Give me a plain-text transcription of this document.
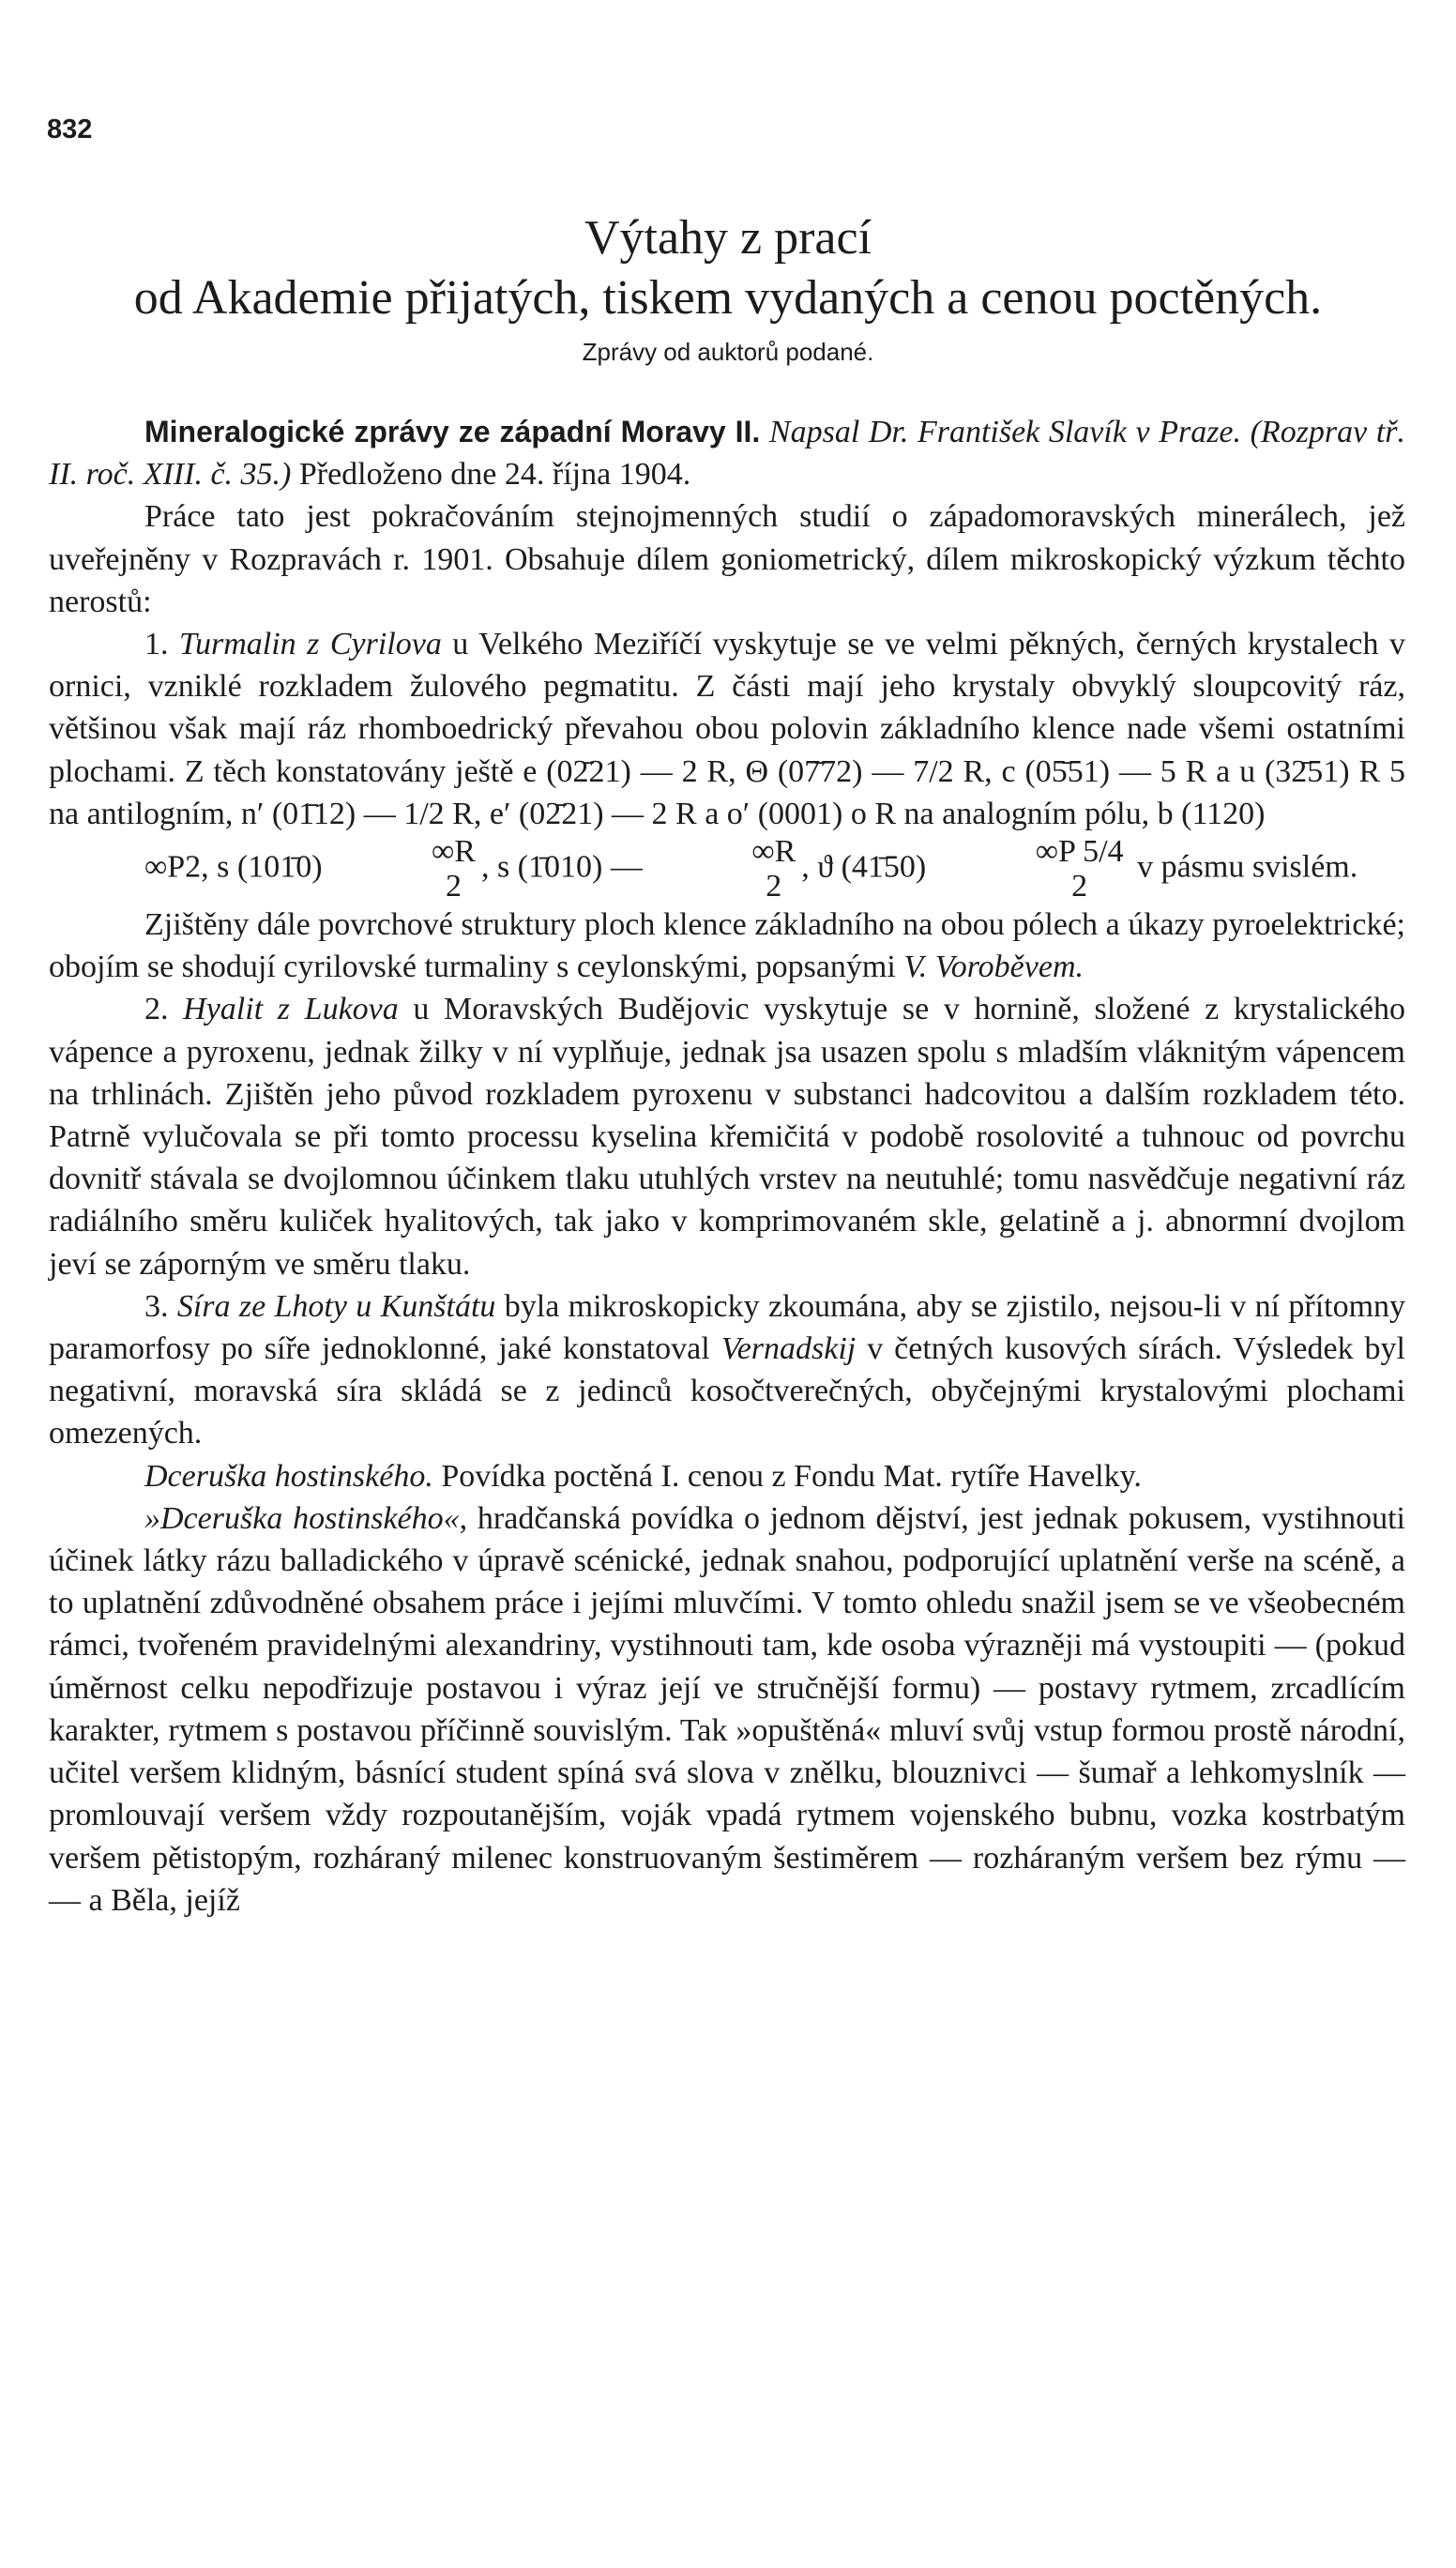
832
Výtahy z prací
od Akademie přijatých, tiskem vydaných a cenou poctěných.
Zprávy od auktorů podané.

Mineralogické zprávy ze západní Moravy II. Napsal Dr. František Slavík v Praze. (Rozprav tř. II. roč. XIII. č. 35.) Předloženo dne 24. října 1904.

Práce tato jest pokračováním stejnojmenných studií o západomoravských minerálech, jež uveřejněny v Rozpravách r. 1901. Obsahuje dílem goniometrický, dílem mikroskopický výzkum těchto nerostů:

1. Turmalin z Cyrilova u Velkého Meziříčí vyskytuje se ve velmi pěkných, černých krystalech v ornici, vzniklé rozkladem žulového pegmatitu. Z části mají jeho krystaly obvyklý sloupcovitý ráz, většinou však mají ráz rhomboedrický převahou obou polovin základního klence nade všemi ostatními plochami. Z těch konstatovány ještě e (02̄21) — 2 R, Θ (07̄72) — 7/2 R, c (05̄51) — 5 R a u (32̄51) R 5 na antilogním, n′ (01̄12) — 1/2 R, e′ (02̄21) — 2 R a o′ (0001) o R na analogním pólu, b (1120)
∞P2, s (101̄0)	∞R
2
, s (1̄010) —	∞R
2
, ϑ (41̄50)	∞P 5/4
2
v pásmu svislém.

Zjištěny dále povrchové struktury ploch klence základního na obou pólech a úkazy pyroelektrické; obojím se shodují cyrilovské turmaliny s ceylonskými, popsanými V. Voroběvem.

2. Hyalit z Lukova u Moravských Budějovic vyskytuje se v hornině, složené z krystalického vápence a pyroxenu, jednak žilky v ní vyplňuje, jednak jsa usazen spolu s mladším vláknitým vápencem na trhlinách. Zjištěn jeho původ rozkladem pyroxenu v substanci hadcovitou a dalším rozkladem této. Patrně vylučovala se při tomto processu kyselina křemičitá v podobě rosolovité a tuhnouc od povrchu dovnitř stávala se dvojlomnou účinkem tlaku utuhlých vrstev na neutuhlé; tomu nasvědčuje negativní ráz radiálního směru kuliček hyalitových, tak jako v komprimovaném skle, gelatině a j. abnormní dvojlom jeví se záporným ve směru tlaku.

3. Síra ze Lhoty u Kunštátu byla mikroskopicky zkoumána, aby se zjistilo, nejsou-li v ní přítomny paramorfosy po síře jednoklonné, jaké konstatoval Vernadskij v četných kusových sírách. Výsledek byl negativní, moravská síra skládá se z jedinců kosočtverečných, obyčejnými krystalovými plochami omezených.

Dceruška hostinského. Povídka poctěná I. cenou z Fondu Mat. rytíře Havelky.

»Dceruška hostinského«, hradčanská povídka o jednom dějství, jest jednak pokusem, vystihnouti účinek látky rázu balladického v úpravě scénické, jednak snahou, podporující uplatnění verše na scéně, a to uplatnění zdůvodněné obsahem práce i jejími mluvčími. V tomto ohledu snažil jsem se ve všeobecném rámci, tvořeném pravidelnými alexandriny, vystihnouti tam, kde osoba výrazněji má vystoupiti — (pokud úměrnost celku nepodřizuje postavou i výraz její ve stručnější formu) — postavy rytmem, zrcadlícím karakter, rytmem s postavou příčinně souvislým. Tak »opuštěná« mluví svůj vstup formou prostě národní, učitel veršem klidným, básnící student spíná svá slova v znělku, blouznivci — šumař a lehkomyslník — promlouvají veršem vždy rozpoutanějším, voják vpadá rytmem vojenského bubnu, vozka kostrbatým veršem pětistopým, rozháraný milenec konstruovaným šestiměrem — rozháraným veršem bez rýmu — — a Běla, jejíž
